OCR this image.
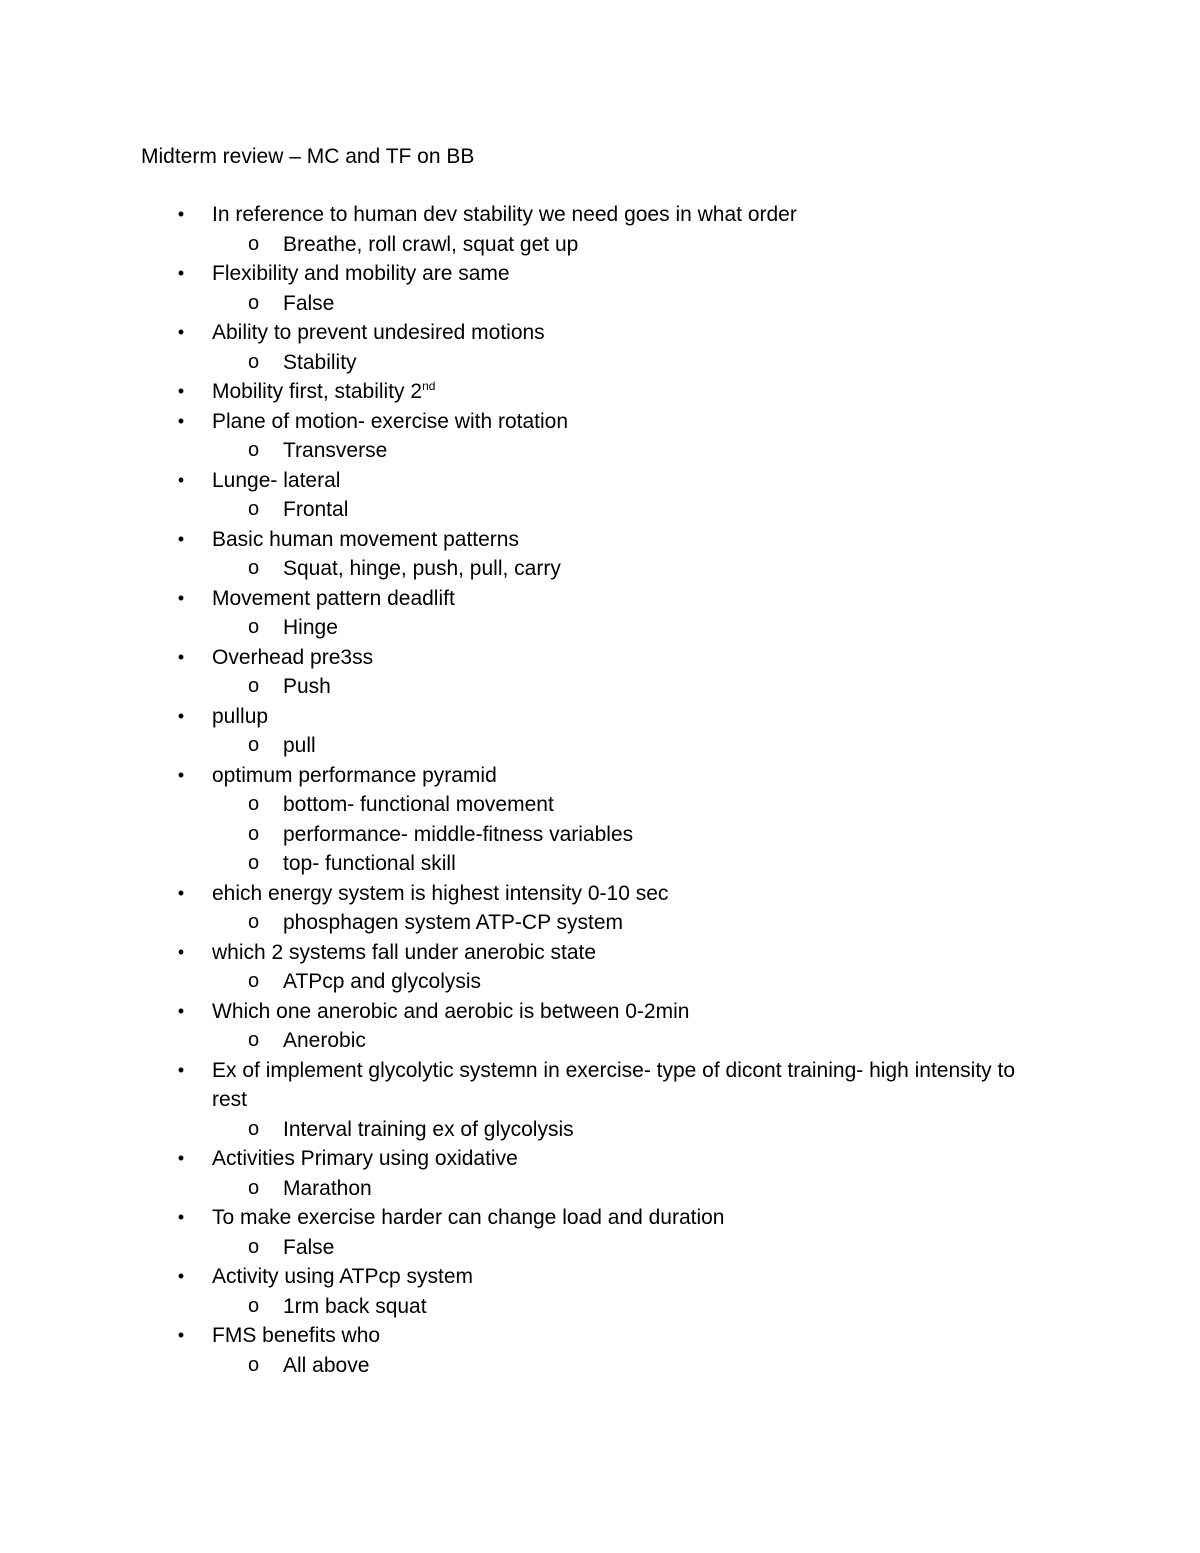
Midterm review – MC and TF on BB
• In reference to human dev stability we need goes in what order
o Breathe, roll crawl, squat get up
• Flexibility and mobility are same
o False
• Ability to prevent undesired motions
o Stability
• Mobility first, stability 2nd
• Plane of motion- exercise with rotation
o Transverse
• Lunge- lateral
o Frontal
• Basic human movement patterns
o Squat, hinge, push, pull, carry
• Movement pattern deadlift
o Hinge
• Overhead pre3ss
o Push
• pullup
o pull
• optimum performance pyramid
o bottom- functional movement
o performance- middle-fitness variables
o top- functional skill
• ehich energy system is highest intensity 0-10 sec
o phosphagen system ATP-CP system
• which 2 systems fall under anerobic state
o ATPcp and glycolysis
• Which one anerobic and aerobic is between 0-2min
o Anerobic
• Ex of implement glycolytic systemn in exercise- type of dicont training- high intensity to rest
o Interval training ex of glycolysis
• Activities Primary using oxidative
o Marathon
• To make exercise harder can change load and duration
o False
• Activity using ATPcp system
o 1rm back squat
• FMS benefits who
o All above
